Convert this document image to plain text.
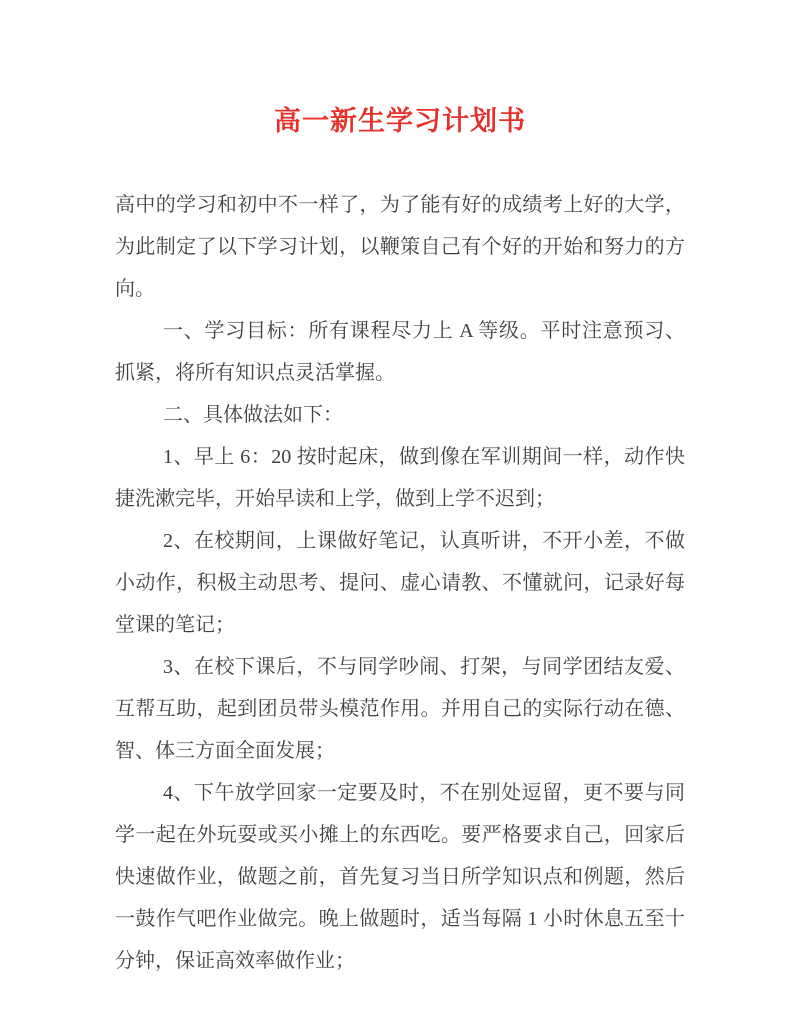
高一新生学习计划书

高中的学习和初中不一样了，为了能有好的成绩考上好的大学，为此制定了以下学习计划，以鞭策自己有个好的开始和努力的方向。

一、学习目标：所有课程尽力上 A 等级。平时注意预习、抓紧，将所有知识点灵活掌握。

二、具体做法如下：

1、早上 6：20 按时起床，做到像在军训期间一样，动作快捷洗漱完毕，开始早读和上学，做到上学不迟到；

2、在校期间，上课做好笔记，认真听讲，不开小差，不做小动作，积极主动思考、提问、虚心请教、不懂就问，记录好每堂课的笔记；

3、在校下课后，不与同学吵闹、打架，与同学团结友爱、互帮互助，起到团员带头模范作用。并用自己的实际行动在德、智、体三方面全面发展；

4、下午放学回家一定要及时，不在别处逗留，更不要与同学一起在外玩耍或买小摊上的东西吃。要严格要求自己，回家后快速做作业，做题之前，首先复习当日所学知识点和例题，然后一鼓作气吧作业做完。晚上做题时，适当每隔 1 小时休息五至十分钟，保证高效率做作业；
